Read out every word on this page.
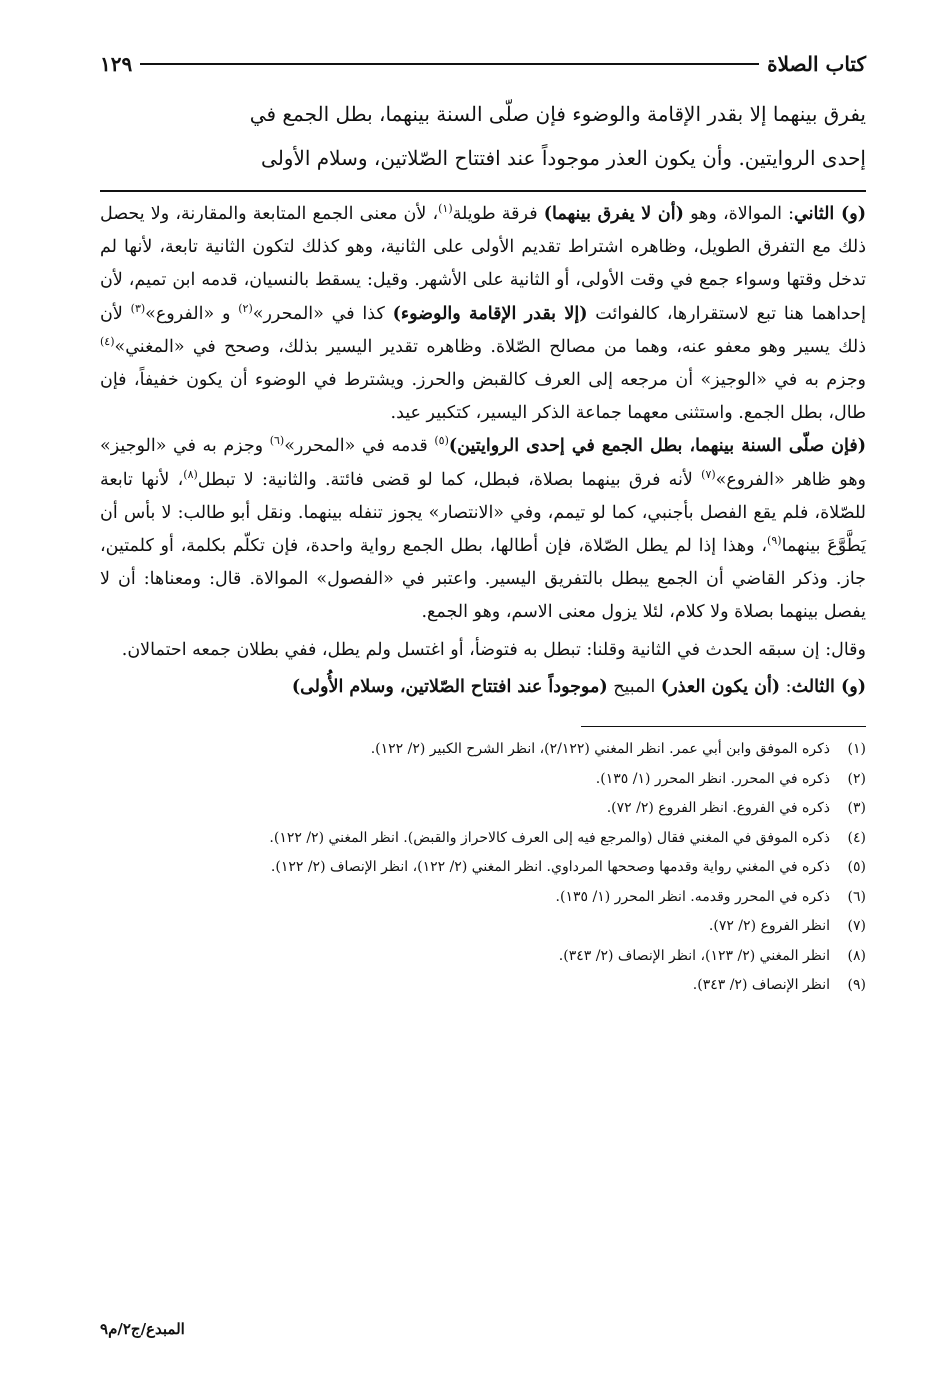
كتاب الصلاة
١٢٩

يفرق بينهما إلا بقدر الإقامة والوضوء فإن صلّى السنة بينهما، بطل الجمع في

إحدى الروايتين. وأن يكون العذر موجوداً عند افتتاح الصّلاتين، وسلام الأولى

(و) الثاني: الموالاة، وهو (أن لا يفرق بينهما) فرقة طويلة$^{(١)}$، لأن معنى الجمع المتابعة والمقارنة، ولا يحصل ذلك مع التفرق الطويل، وظاهره اشتراط تقديم الأولى على الثانية، وهو كذلك لتكون الثانية تابعة، لأنها لم تدخل وقتها وسواء جمع في وقت الأولى، أو الثانية على الأشهر. وقيل: يسقط بالنسيان، قدمه ابن تميم، لأن إحداهما هنا تبع لاستقرارها، كالفوائت (إلا بقدر الإقامة والوضوء) كذا في «المحرر»$^{(٢)}$ و «الفروع»$^{(٣)}$ لأن ذلك يسير وهو معفو عنه، وهما من مصالح الصّلاة. وظاهره تقدير اليسير بذلك، وصحح في «المغني»$^{(٤)}$ وجزم به في «الوجيز» أن مرجعه إلى العرف كالقبض والحرز. ويشترط في الوضوء أن يكون خفيفاً، فإن طال، بطل الجمع. واستثنى معهما جماعة الذكر اليسير، كتكبير عيد.

(فإن صلّى السنة بينهما، بطل الجمع في إحدى الروايتين)$^{(٥)}$ قدمه في «المحرر»$^{(٦)}$ وجزم به في «الوجيز» وهو ظاهر «الفروع»$^{(٧)}$ لأنه فرق بينهما بصلاة، فبطل، كما لو قضى فائتة. والثانية: لا تبطل$^{(٨)}$، لأنها تابعة للصّلاة، فلم يقع الفصل بأجنبي، كما لو تيمم، وفي «الانتصار» يجوز تنفله بينهما. ونقل أبو طالب: لا بأس أن يَطَّوَّعَ بينهما$^{(٩)}$، وهذا إذا لم يطل الصّلاة، فإن أطالها، بطل الجمع رواية واحدة، فإن تكلّم بكلمة، أو كلمتين، جاز. وذكر القاضي أن الجمع يبطل بالتفريق اليسير. واعتبر في «الفصول» الموالاة. قال: ومعناها: أن لا يفصل بينهما بصلاة ولا كلام، لئلا يزول معنى الاسم، وهو الجمع.

وقال: إن سبقه الحدث في الثانية وقلنا: تبطل به فتوضأ، أو اغتسل ولم يطل، ففي بطلان جمعه احتمالان.

(و) الثالث: (أن يكون العذر) المبيح (موجوداً عند افتتاح الصّلاتين، وسلام الأُولى)

(١)
ذكره الموفق وابن أبي عمر. انظر المغني (٢/١٢٢)، انظر الشرح الكبير (٢/ ١٢٢).
(٢)
ذكره في المحرر. انظر المحرر (١/ ١٣٥).
(٣)
ذكره في الفروع. انظر الفروع (٢/ ٧٢).
(٤)
ذكره الموفق في المغني فقال (والمرجع فيه إلى العرف كالاحراز والقبض). انظر المغني (٢/ ١٢٢).
(٥)
ذكره في المغني رواية وقدمها وصححها المرداوي. انظر المغني (٢/ ١٢٢)، انظر الإنصاف (٢/ ١٢٢).
(٦)
ذكره في المحرر وقدمه. انظر المحرر (١/ ١٣٥).
(٧)
انظر الفروع (٢/ ٧٢).
(٨)
انظر المغني (٢/ ١٢٣)، انظر الإنصاف (٢/ ٣٤٣).
(٩)
انظر الإنصاف (٢/ ٣٤٣).
المبدع/ج٢/م٩
